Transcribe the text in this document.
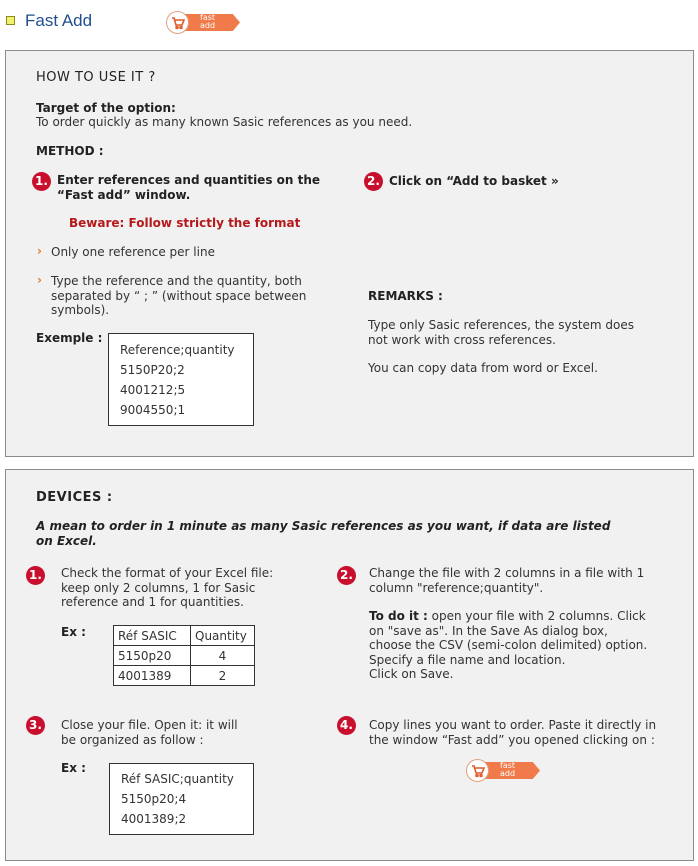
Fast Add	fast
add
HOW TO USE IT ?
Target of the option:
To order quickly as many known Sasic references as you need.
METHOD :
1. Enter references and quantities on the
“Fast add” window.
2. Click on “Add to basket »
Beware: Follow strictly the format
› Only one reference per line
› Type the reference and the quantity, both
separated by “ ; ” (without space between
symbols).
Exemple :
Reference;quantity
5150P20;2
4001212;5
9004550;1
REMARKS :
Type only Sasic references, the system does
not work with cross references.
You can copy data from word or Excel.
DEVICES :
A mean to order in 1 minute as many Sasic references as you want, if data are listed
on Excel.
1. Check the format of your Excel file:
keep only 2 columns, 1 for Sasic
reference and 1 for quantities.
Ex :	Réf SASIC	Quantity
5150p20	4
4001389	2
2. Change the file with 2 columns in a file with 1
column "reference;quantity".
To do it : open your file with 2 columns. Click
on "save as". In the Save As dialog box,
choose the CSV (semi-colon delimited) option.
Specify a file name and location.
Click on Save.
3. Close your file. Open it: it will
be organized as follow :
Ex :
Réf SASIC;quantity
5150p20;4
4001389;2
4. Copy lines you want to order. Paste it directly in
the window “Fast add” you opened clicking on :
fast
add
